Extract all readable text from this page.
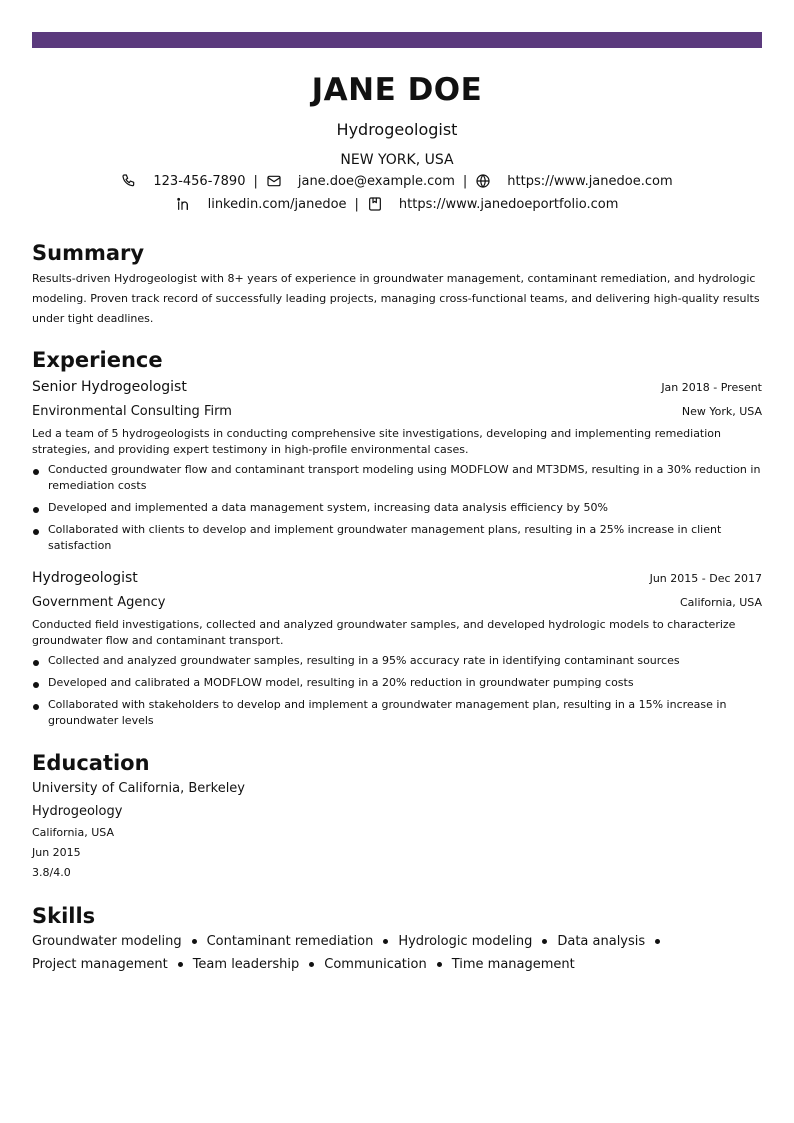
JANE DOE
Hydrogeologist
NEW YORK, USA
123-456-7890 |	jane.doe@example.com |	https://www.janedoe.com
linkedin.com/janedoe |	https://www.janedoeportfolio.com
Summary
Results-driven Hydrogeologist with 8+ years of experience in groundwater management, contaminant remediation, and hydrologic modeling. Proven track record of successfully leading projects, managing cross-functional teams, and delivering high-quality results under tight deadlines.
Experience
Senior Hydrogeologist	Jan 2018 - Present
Environmental Consulting Firm	New York, USA
Led a team of 5 hydrogeologists in conducting comprehensive site investigations, developing and implementing remediation strategies, and providing expert testimony in high-profile environmental cases.
Conducted groundwater flow and contaminant transport modeling using MODFLOW and MT3DMS, resulting in a 30% reduction in remediation costs
Developed and implemented a data management system, increasing data analysis efficiency by 50%
Collaborated with clients to develop and implement groundwater management plans, resulting in a 25% increase in client satisfaction
Hydrogeologist	Jun 2015 - Dec 2017
Government Agency	California, USA
Conducted field investigations, collected and analyzed groundwater samples, and developed hydrologic models to characterize groundwater flow and contaminant transport.
Collected and analyzed groundwater samples, resulting in a 95% accuracy rate in identifying contaminant sources
Developed and calibrated a MODFLOW model, resulting in a 20% reduction in groundwater pumping costs
Collaborated with stakeholders to develop and implement a groundwater management plan, resulting in a 15% increase in groundwater levels
Education
University of California, Berkeley
Hydrogeology
California, USA
Jun 2015
3.8/4.0
Skills
Groundwater modeling Contaminant remediation Hydrologic modeling Data analysis
Project management Team leadership Communication Time management
